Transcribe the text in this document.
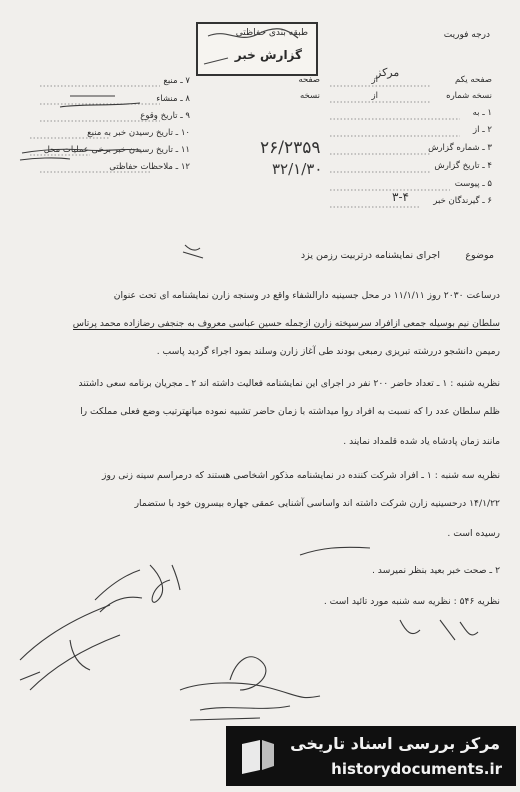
درجه فوریت
طبقه بندی حفاظتی
گزارش خبر
صفحه یکم
نسخه شماره
۱ ـ به
۲ ـ از
۳ ـ شماره گزارش
۴ ـ تاریخ گزارش
۵ ـ پیوست
۶ ـ گیرندگان خبر
از
صفحه
از
نسخه
۷ ـ منبع
۸ ـ منشاء
۹ ـ تاریخ وقوع
۱۰ ـ تاریخ رسیدن خبر به منبع
۱۱ ـ تاریخ رسیدن خبر برخی عملیات محل
۱۲ ـ ملاحظات حفاظتی
۲۶/۲۳۵۹
۳۲/۱/۳۰
مرکز
۳-۴
موضوع
اجرای نمایشنامه درتربیت رزمن یزد
درساعت ۲۰۳۰ روز ۱۱/۱/۱۱ در محل جسینیه دارالشفاء واقع در وسنجه زارن نمایشنامه ای تحت عنوان
سلطان نیم بوسیله جمعی ازافراد سرسپخته زارن ازجمله حسین عباسی معروف به جنجفی رضازاده محمد پرتاس
رمیمن دانشجو دررشته تبریزی رمبعی بودند طی آغاز زارن وسلند بمود اجراء گردید پاسب .
نظریه شنبه : ۱ ـ تعداد حاضر ۲۰۰ نفر در اجرای این نمایشنامه فعالیت داشته اند ۲ ـ مجریان برنامه سعی داشتند
ظلم سلطان عدد را که نسبت به افراد روا میداشته با زمان حاضر تشبیه نموده میانهترتیب وضع فعلی مملکت را
مانند زمان پادشاه یاد شده قلمداد نمایند .
نظریه سه شنبه : ۱ ـ افراد شرکت کننده در نمایشنامه مذکور اشخاصی هستند که درمراسم سینه زنی روز
۱۴/۱/۲۲ درحسینیه زارن شرکت داشته اند واساسی آشنایی عمقی جهاره بیسرون خود با ستضمار
رسیده است .
۲ ـ صحت خبر بعید بنظر نمیرسد .
نظریه ۵۴۶ : نظریه سه شنبه مورد تائید است .
مرکز بررسی اسناد تاریخی
historydocuments.ir
